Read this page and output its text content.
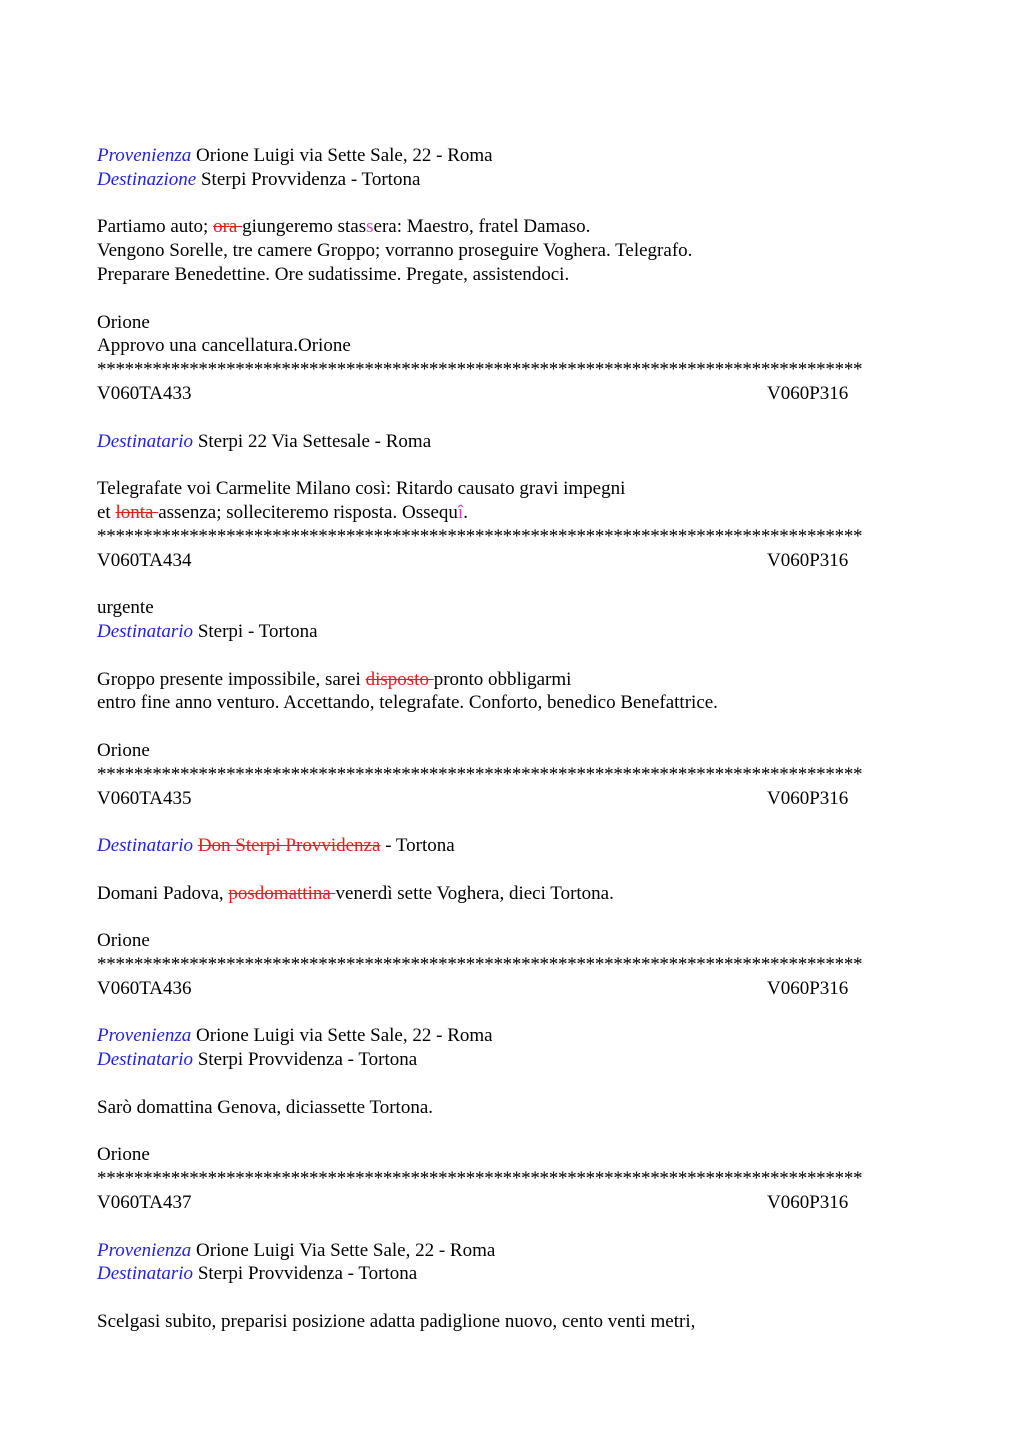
Provenienza Orione Luigi via Sette Sale, 22 - Roma
Destinazione Sterpi Provvidenza - Tortona
Partiamo auto; ora giungeremo stassera: Maestro, fratel Damaso.
Vengono Sorelle, tre camere Groppo; vorranno proseguire Voghera. Telegrafo.
Preparare Benedettine. Ore sudatissime. Pregate, assistendoci.
Orione
Approvo una cancellatura.Orione
***********************************************************************************
V060TA433	V060P316
Destinatario Sterpi 22 Via Settesale - Roma
Telegrafate voi Carmelite Milano così: Ritardo causato gravi impegni
et lonta assenza; solleciteremo risposta. Ossequî.
***********************************************************************************
V060TA434	V060P316
urgente
Destinatario Sterpi - Tortona
Groppo presente impossibile, sarei disposto pronto obbligarmi
entro fine anno venturo. Accettando, telegrafate. Conforto, benedico Benefattrice.
Orione
***********************************************************************************
V060TA435	V060P316
Destinatario Don Sterpi Provvidenza - Tortona
Domani Padova, posdomattina venerdì sette Voghera, dieci Tortona.
Orione
***********************************************************************************
V060TA436	V060P316
Provenienza Orione Luigi via Sette Sale, 22 - Roma
Destinatario Sterpi Provvidenza - Tortona
Sarò domattina Genova, diciassette Tortona.
Orione
***********************************************************************************
V060TA437	V060P316
Provenienza Orione Luigi Via Sette Sale, 22 - Roma
Destinatario Sterpi Provvidenza - Tortona
Scelgasi subito, preparisi posizione adatta padiglione nuovo, cento venti metri,
